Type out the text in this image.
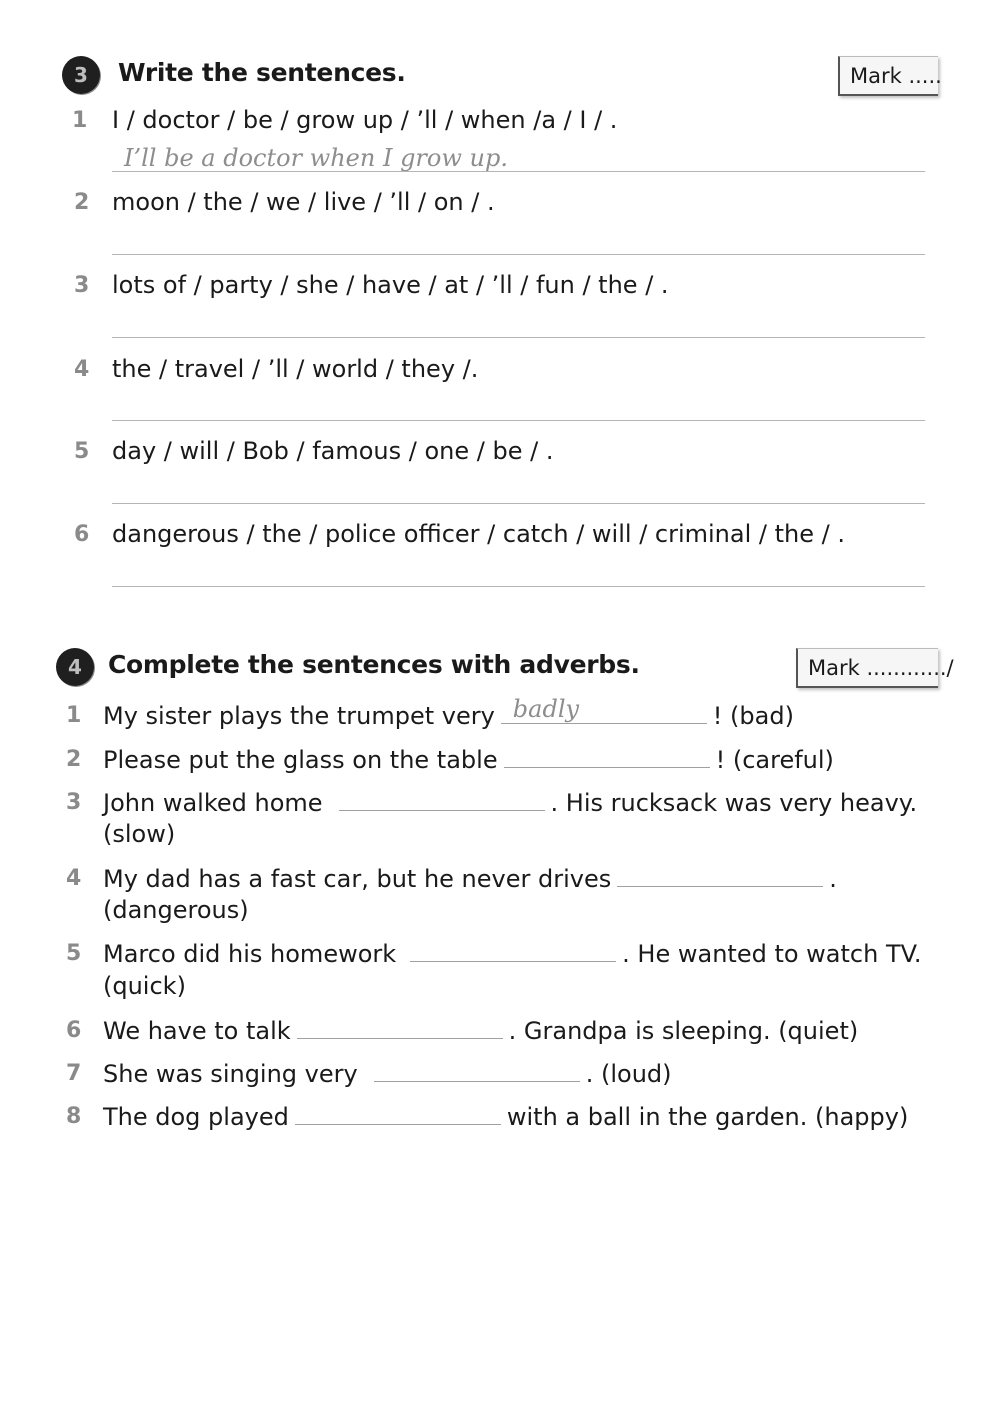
3	Write the sentences.	Mark .....
1 I / doctor / be / grow up / ’ll / when /a / I / .
I’ll be a doctor when I grow up.
2 moon / the / we / live / ’ll / on / .
3 lots of / party / she / have / at / ’ll / fun / the / .
4 the / travel / ’ll / world / they /.
5 day / will / Bob / famous / one / be / .
6 dangerous / the / police officer / catch / will / criminal / the / .
4	Complete the sentences with adverbs.	Mark ............/
1 My sister plays the trumpet very badly	! (bad)
2 Please put the glass on the table	! (careful)
3 John walked home	. His rucksack was very heavy.
(slow)
4 My dad has a fast car, but he never drives	.
(dangerous)
5 Marco did his homework	. He wanted to watch TV.
(quick)
6 We have to talk	. Grandpa is sleeping. (quiet)
7 She was singing very	. (loud)
8 The dog played	with a ball in the garden. (happy)
